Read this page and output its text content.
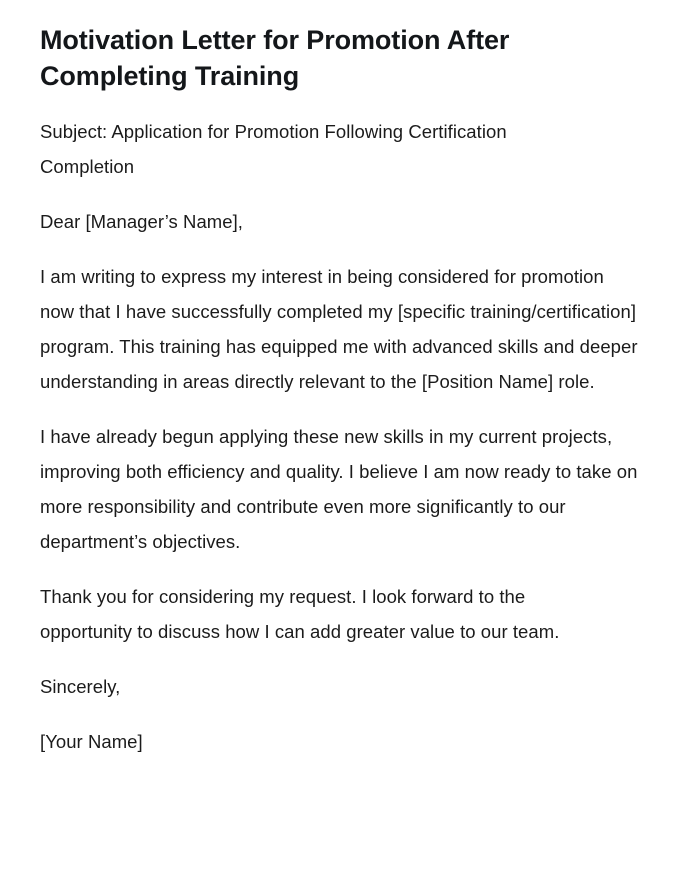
Motivation Letter for Promotion After Completing Training

Subject: Application for Promotion Following Certification Completion

Dear [Manager’s Name],

I am writing to express my interest in being considered for promotion now that I have successfully completed my [specific training/certification] program. This training has equipped me with advanced skills and deeper understanding in areas directly relevant to the [Position Name] role.

I have already begun applying these new skills in my current projects, improving both efficiency and quality. I believe I am now ready to take on more responsibility and contribute even more significantly to our department’s objectives.

Thank you for considering my request. I look forward to the opportunity to discuss how I can add greater value to our team.

Sincerely,

[Your Name]
